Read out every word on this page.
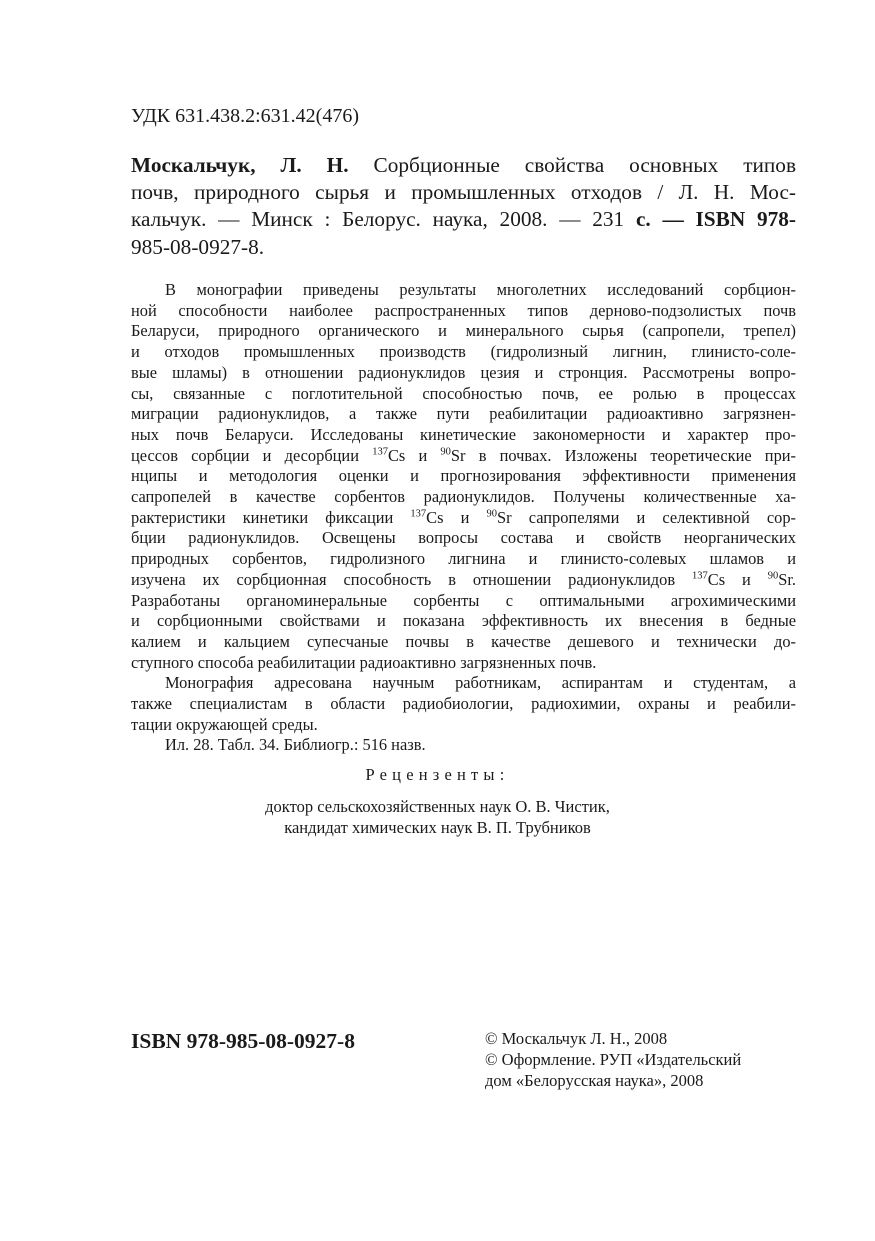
УДК 631.438.2:631.42(476)
Москальчук, Л. Н. Сорбционные свойства основных типов
почв, природного сырья и промышленных отходов / Л. Н. Мос-
кальчук. — Минск : Белорус. наука, 2008. — 231 с. — ISBN 978-
985-08-0927-8.
В монографии приведены результаты многолетних исследований сорбцион-
ной способности наиболее распространенных типов дерново-подзолистых почв
Беларуси, природного органического и минерального сырья (сапропели, трепел)
и отходов промышленных производств (гидролизный лигнин, глинисто-соле-
вые шламы) в отношении радионуклидов цезия и стронция. Рассмотрены вопро-
сы, связанные с поглотительной способностью почв, ее ролью в процессах
миграции радионуклидов, а также пути реабилитации радиоактивно загрязнен-
ных почв Беларуси. Исследованы кинетические закономерности и характер про-
цессов сорбции и десорбции $^{137}$Cs и $^{90}$Sr в почвах. Изложены теоретические при-
нципы и методология оценки и прогнозирования эффективности применения
сапропелей в качестве сорбентов радионуклидов. Получены количественные ха-
рактеристики кинетики фиксации $^{137}$Cs и $^{90}$Sr сапропелями и селективной сор-
бции радионуклидов. Освещены вопросы состава и свойств неорганических
природных сорбентов, гидролизного лигнина и глинисто-солевых шламов и
изучена их сорбционная способность в отношении радионуклидов $^{137}$Cs и $^{90}$Sr.
Разработаны органоминеральные сорбенты с оптимальными агрохимическими
и сорбционными свойствами и показана эффективность их внесения в бедные
калием и кальцием супесчаные почвы в качестве дешевого и технически до-
ступного способа реабилитации радиоактивно загрязненных почв.
Монография адресована научным работникам, аспирантам и студентам, а
также специалистам в области радиобиологии, радиохимии, охраны и реабили-
тации окружающей среды.
Ил. 28. Табл. 34. Библиогр.: 516 назв.
Рецензенты:
доктор сельскохозяйственных наук О. В. Чистик,
кандидат химических наук В. П. Трубников
ISBN 978-985-08-0927-8	© Москальчук Л. Н., 2008
© Оформление. РУП «Издательский
дом «Белорусская наука», 2008
